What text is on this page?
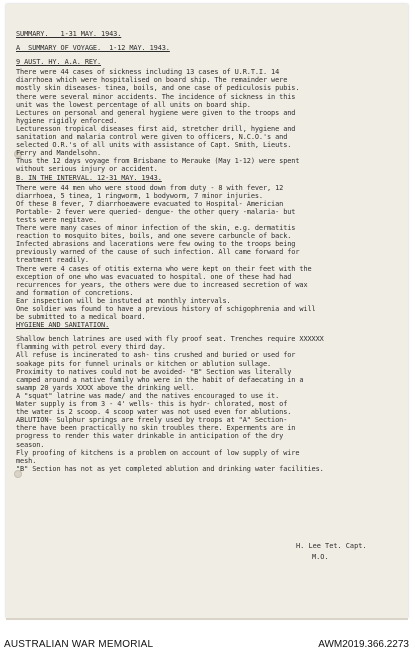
SUMMARY.   1-31 MAY. 1943.
A  SUMMARY OF VOYAGE.  1-12 MAY. 1943.
9 AUST. HY. A.A. REY.
There were 44 cases of sickness including 13 cases of U.R.T.I. 14
diarrhoea which were hospitalised on board ship. The remainder were
mostly skin diseases- tinea, boils, and one case of pediculosis pubis.
there were several minor accidents. The incidence of sickness in this
unit was the lowest percentage of all units on board ship.
Lectures on personal and general hygiene were given to the troops and
hygiene rigidly enforced.
Lecturesson tropical diseases first aid, stretcher drill, hygiene and
sanitation and malaria control were given to officers, N.C.O.'s and
selected O.R.'s of all units with assistance of Capt. Smith, Lieuts.
Ferry and Mandelsohn.
Thus the 12 days voyage from Brisbane to Merauke (May 1-12) were spent
without serious injury or accident.
B. IN THE INTERVAL. 12-31 MAY. 1943.
There were 44 men who were stood down from duty - 8 with fever, 12
diarrhoea, 5 tinea, 1 ringworm, 1 bodyworm, 7 minor injuries.
Of these 8 fever, 7 diarrhoeawere evacuated to Hospital- Americian
Portable- 2 fever were queried- dengue- the other query -malaria- but
tests were negitave.
There were many cases of minor infection of the skin, e.g. dermatitis
reaction to mosquito bites, boils, and one severe carbuncle of back.
Infected abrasions and lacerations were few owing to the troops being
previously warned of the cause of such infection. All came forward for
treatment readily.
There were 4 cases of otitis externa who were kept on their feet with the
exception of one who was evacuated to hospital. one of these had had
recurrences for years, the others were due to increased secretion of wax
and formation of concretions.
Ear inspection will be instuted at monthly intervals.
One soldier was found to have a previous history of schigophrenia and will
be submitted to a medical board.
HYGIENE AND SANITATION.
Shallow bench latrines are used with fly proof seat. Trenches require XXXXXX
flamming with petrol every third day.
All refuse is incinerated to ash- tins crushed and buried or used for
soakage pits for funnel urinals or kitchen or ablution sullage.
Proximity to natives could not be avoided- "B" Section was literally
camped around a native family who were in the habit of defaecating in a
swamp 20 yards XXXX above the drinking well.
A "squat" latrine was made/ and the natives encouraged to use it.
Water supply is from 3 - 4' wells- this is hydr- chlorated, most of
the water is 2 scoop. 4 scoop water was not used even for ablutions.
ABLUTION- Sulphur springs are freely used by troops at "A" Section-
there have been practically no skin troubles there. Experments are in
progress to render this water drinkable in anticipation of the dry
season.
Fly proofing of kitchens is a problem on account of low supply of wire
mesh.
"B" Section has not as yet completed ablution and drinking water facilities.
H. Lee Tet. Capt.
M.O.
AUSTRALIAN WAR MEMORIAL	AWM2019.366.2273
